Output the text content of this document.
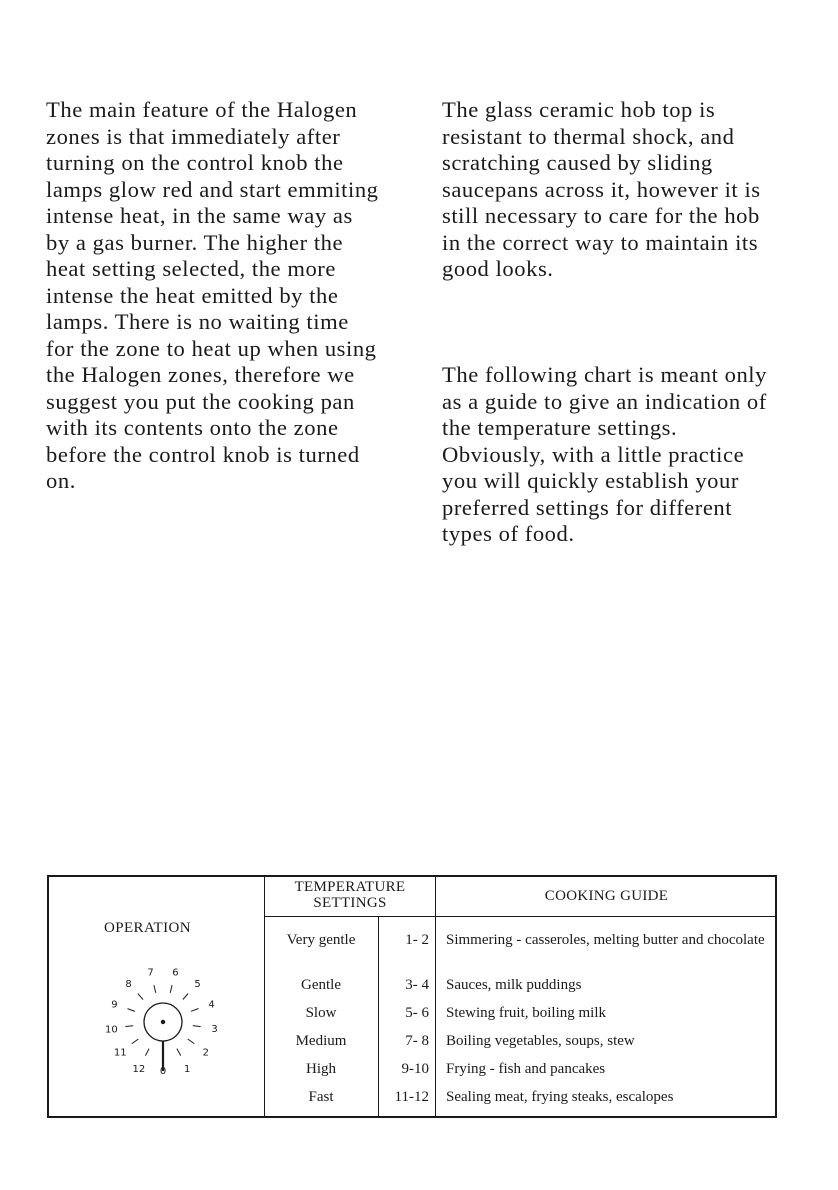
The main feature of the Halogen
zones is that immediately after
turning on the control knob the
lamps glow red and start emmiting
intense heat, in the same way as
by a gas burner. The higher the
heat setting selected, the more
intense the heat emitted by the
lamps. There is no waiting time
for the zone to heat up when using
the Halogen zones, therefore we
suggest you put the cooking pan
with its contents onto the zone
before the control knob is turned
on.

The glass ceramic hob top is
resistant to thermal shock, and
scratching caused by sliding
saucepans across it, however it is
still necessary to care for the hob
in the correct way to maintain its
good looks.

The following chart is meant only
as a guide to give an indication of
the temperature settings.
Obviously, with a little practice
you will quickly establish your
preferred settings for different
types of food.

OPERATION
TEMPERATURE
SETTINGS	COOKING GUIDE
Very gentle	1- 2 Simmering - casseroles, melting butter and chocolate
Gentle	3- 4 Sauces, milk puddings
Slow	5- 6 Stewing fruit, boiling milk
Medium	7- 8 Boiling vegetables, soups, stew
High	9-10 Frying - fish and pancakes
Fast	11-12 Sealing meat, frying steaks, escalopes
0 1
2
3
4
5
6
7
8
9
10
11
12
